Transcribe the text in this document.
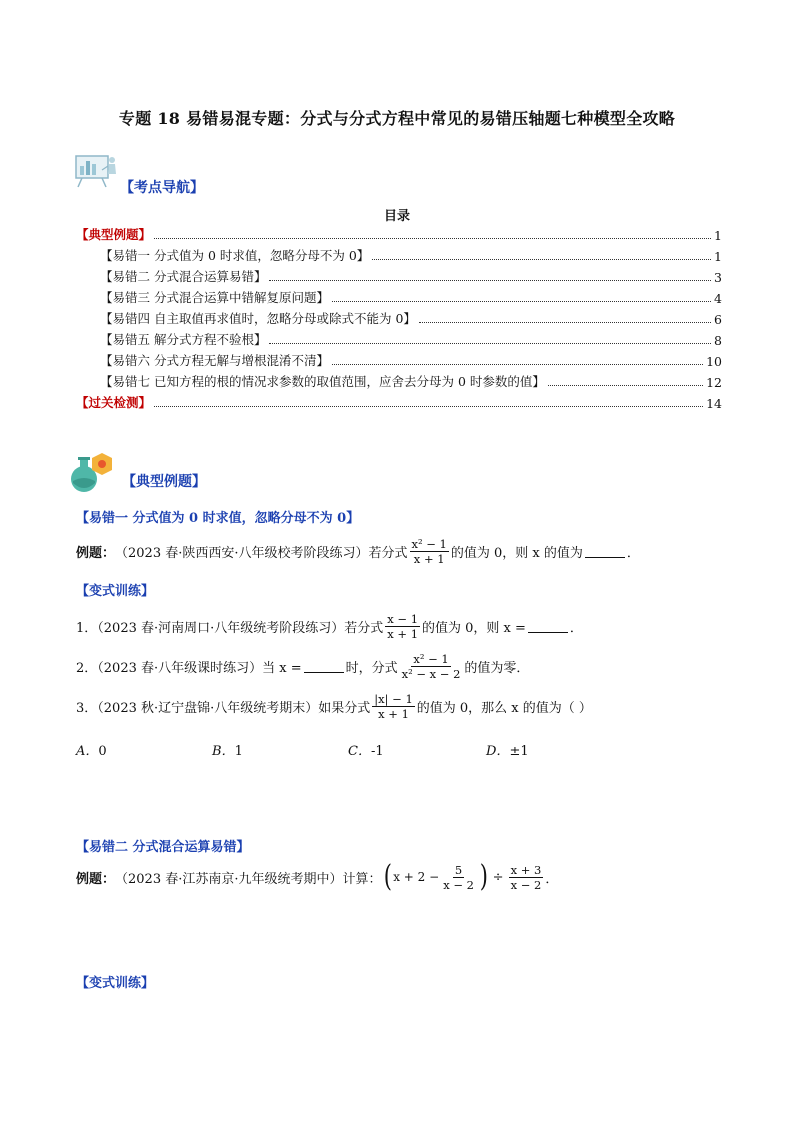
专题 18 易错易混专题：分式与分式方程中常见的易错压轴题七种模型全攻略
【考点导航】
目录
【典型例题】	1
【易错一 分式值为 0 时求值，忽略分母不为 0】	1
【易错二 分式混合运算易错】	3
【易错三 分式混合运算中错解复原问题】	4
【易错四 自主取值再求值时，忽略分母或除式不能为 0】	6
【易错五 解分式方程不验根】	8
【易错六 分式方程无解与增根混淆不清】	10
【易错七 已知方程的根的情况求参数的取值范围，应舍去分母为 0 时参数的值】	12
【过关检测】	14
【典型例题】
【易错一 分式值为 0 时求值，忽略分母不为 0】
例题： （2023 春·陕西西安·八年级校考阶段练习）若分式 $\frac{\text{x² − 1}}{x + 1}$ 的值为 0，则 x 的值为	．
【变式训练】
1．（2023 春·河南周口·八年级统考阶段练习）若分式 $\frac{x - 1}{x + 1}$ 的值为 0，则 x =	．
2．（2023 春·八年级课时练习）当 x =	时，分式 $\frac{\text{x² − 1}}{\text{x² − x − 2}}$ 的值为零．
3．（2023 秋·辽宁盘锦·八年级统考期末）如果分式 $\frac{|x| - 1}{x + 1}$ 的值为 0，那么 x 的值为（ ）
A．0	B．1	C．-1	D．±1
【易错二 分式混合运算易错】
例题： （2023 春·江苏南京·九年级统考期中）计算： ( $x + 2 - \frac{5}{x - 2}$ ) ÷ $\frac{x + 3}{x - 2}$ ．
【变式训练】
